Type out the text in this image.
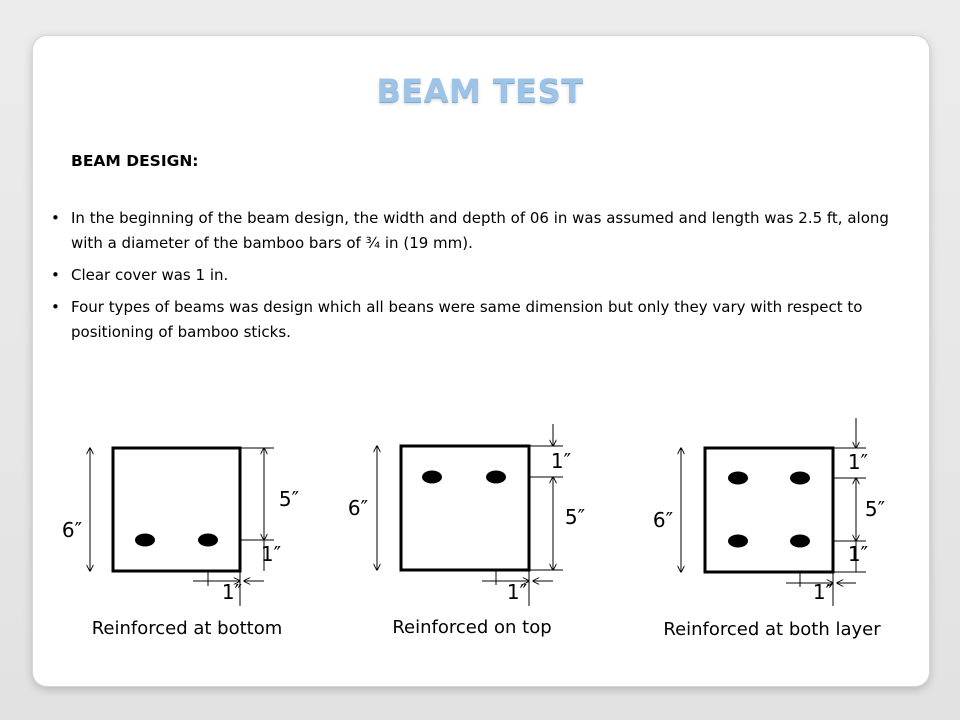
BEAM TEST
BEAM DESIGN:
• In the beginning of the beam design, the width and depth of 06 in was assumed and length was 2.5 ft, along with a diameter of the bamboo bars of ¾ in (19 mm).
• Clear cover was 1 in.
• Four types of beams was design which all beans were same dimension but only they vary with respect to positioning of bamboo sticks.
6″
5″
1″
1″
Reinforced at bottom
6″
1″
5″
1″
Reinforced on top
6″
1″
5″
1″
1″
Reinforced at both layer
